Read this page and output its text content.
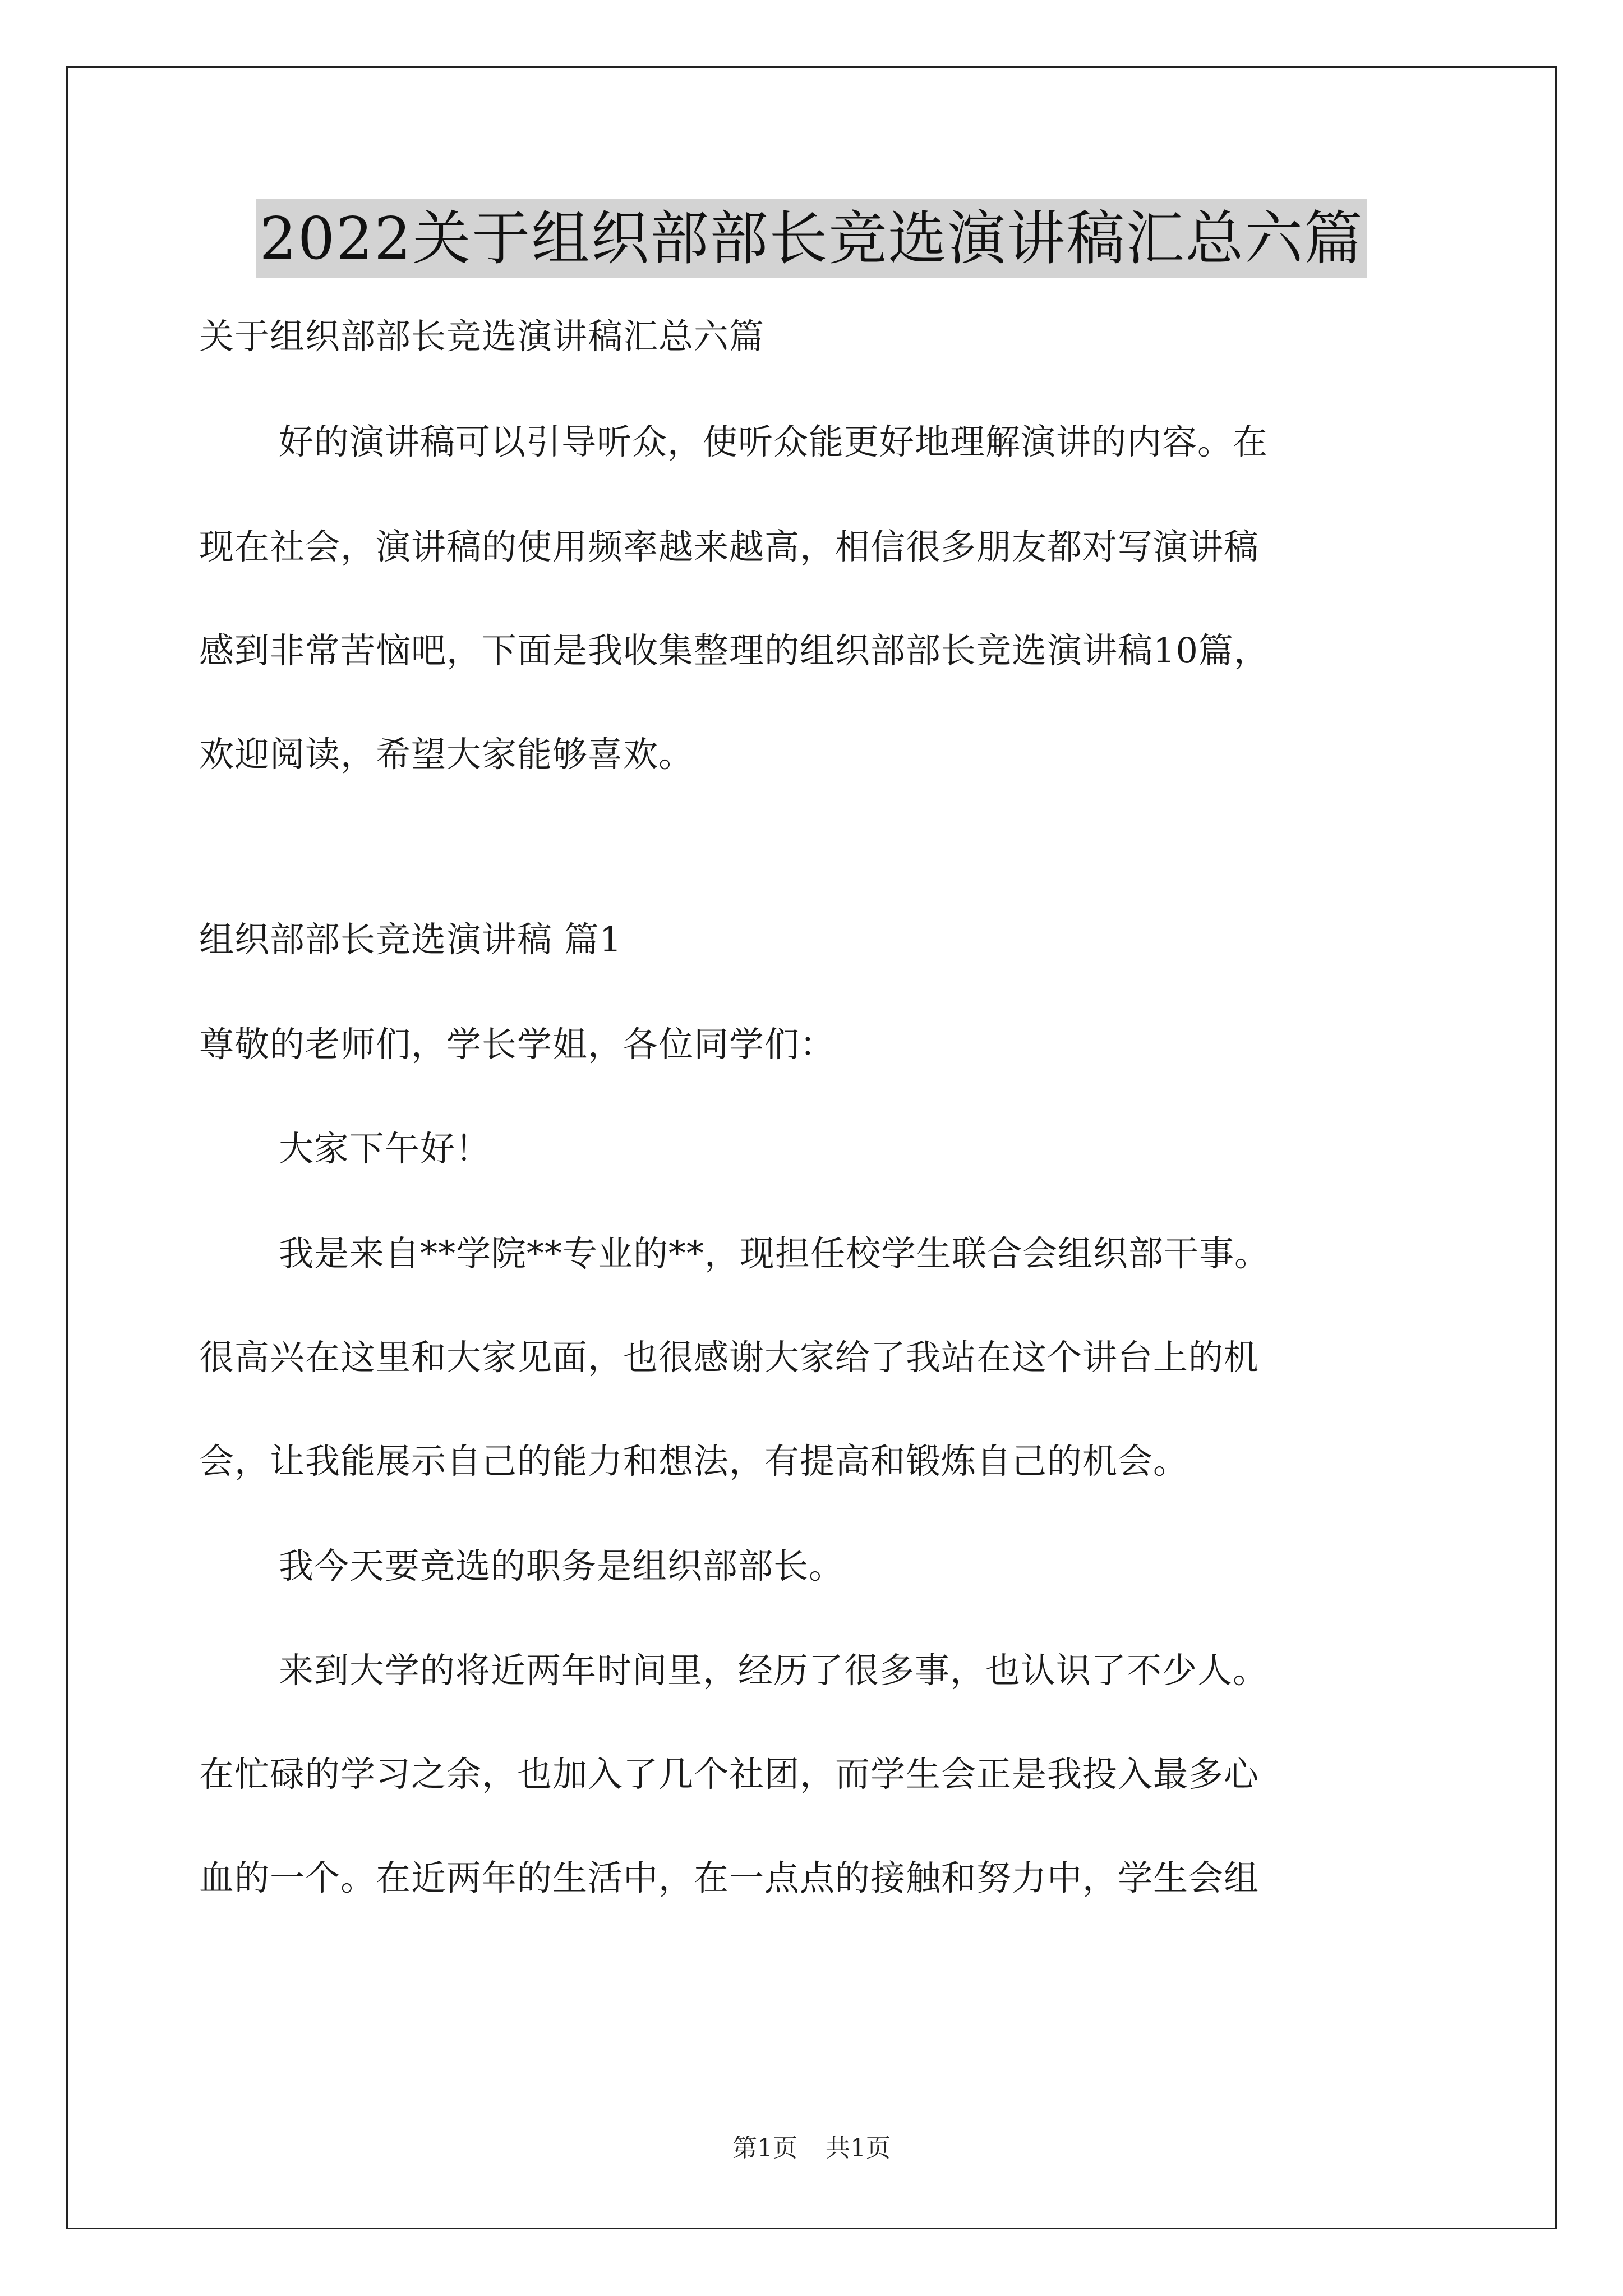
2022关于组织部部长竞选演讲稿汇总六篇
关于组织部部长竞选演讲稿汇总六篇
好的演讲稿可以引导听众，使听众能更好地理解演讲的内容。在
现在社会，演讲稿的使用频率越来越高，相信很多朋友都对写演讲稿
感到非常苦恼吧，下面是我收集整理的组织部部长竞选演讲稿10篇，
欢迎阅读，希望大家能够喜欢。
组织部部长竞选演讲稿 篇1
尊敬的老师们，学长学姐，各位同学们：
大家下午好！
我是来自**学院**专业的**，现担任校学生联合会组织部干事。
很高兴在这里和大家见面，也很感谢大家给了我站在这个讲台上的机
会，让我能展示自己的能力和想法，有提高和锻炼自己的机会。
我今天要竞选的职务是组织部部长。
来到大学的将近两年时间里，经历了很多事，也认识了不少人。
在忙碌的学习之余，也加入了几个社团，而学生会正是我投入最多心
血的一个。在近两年的生活中，在一点点的接触和努力中，学生会组
第1页 共1页
